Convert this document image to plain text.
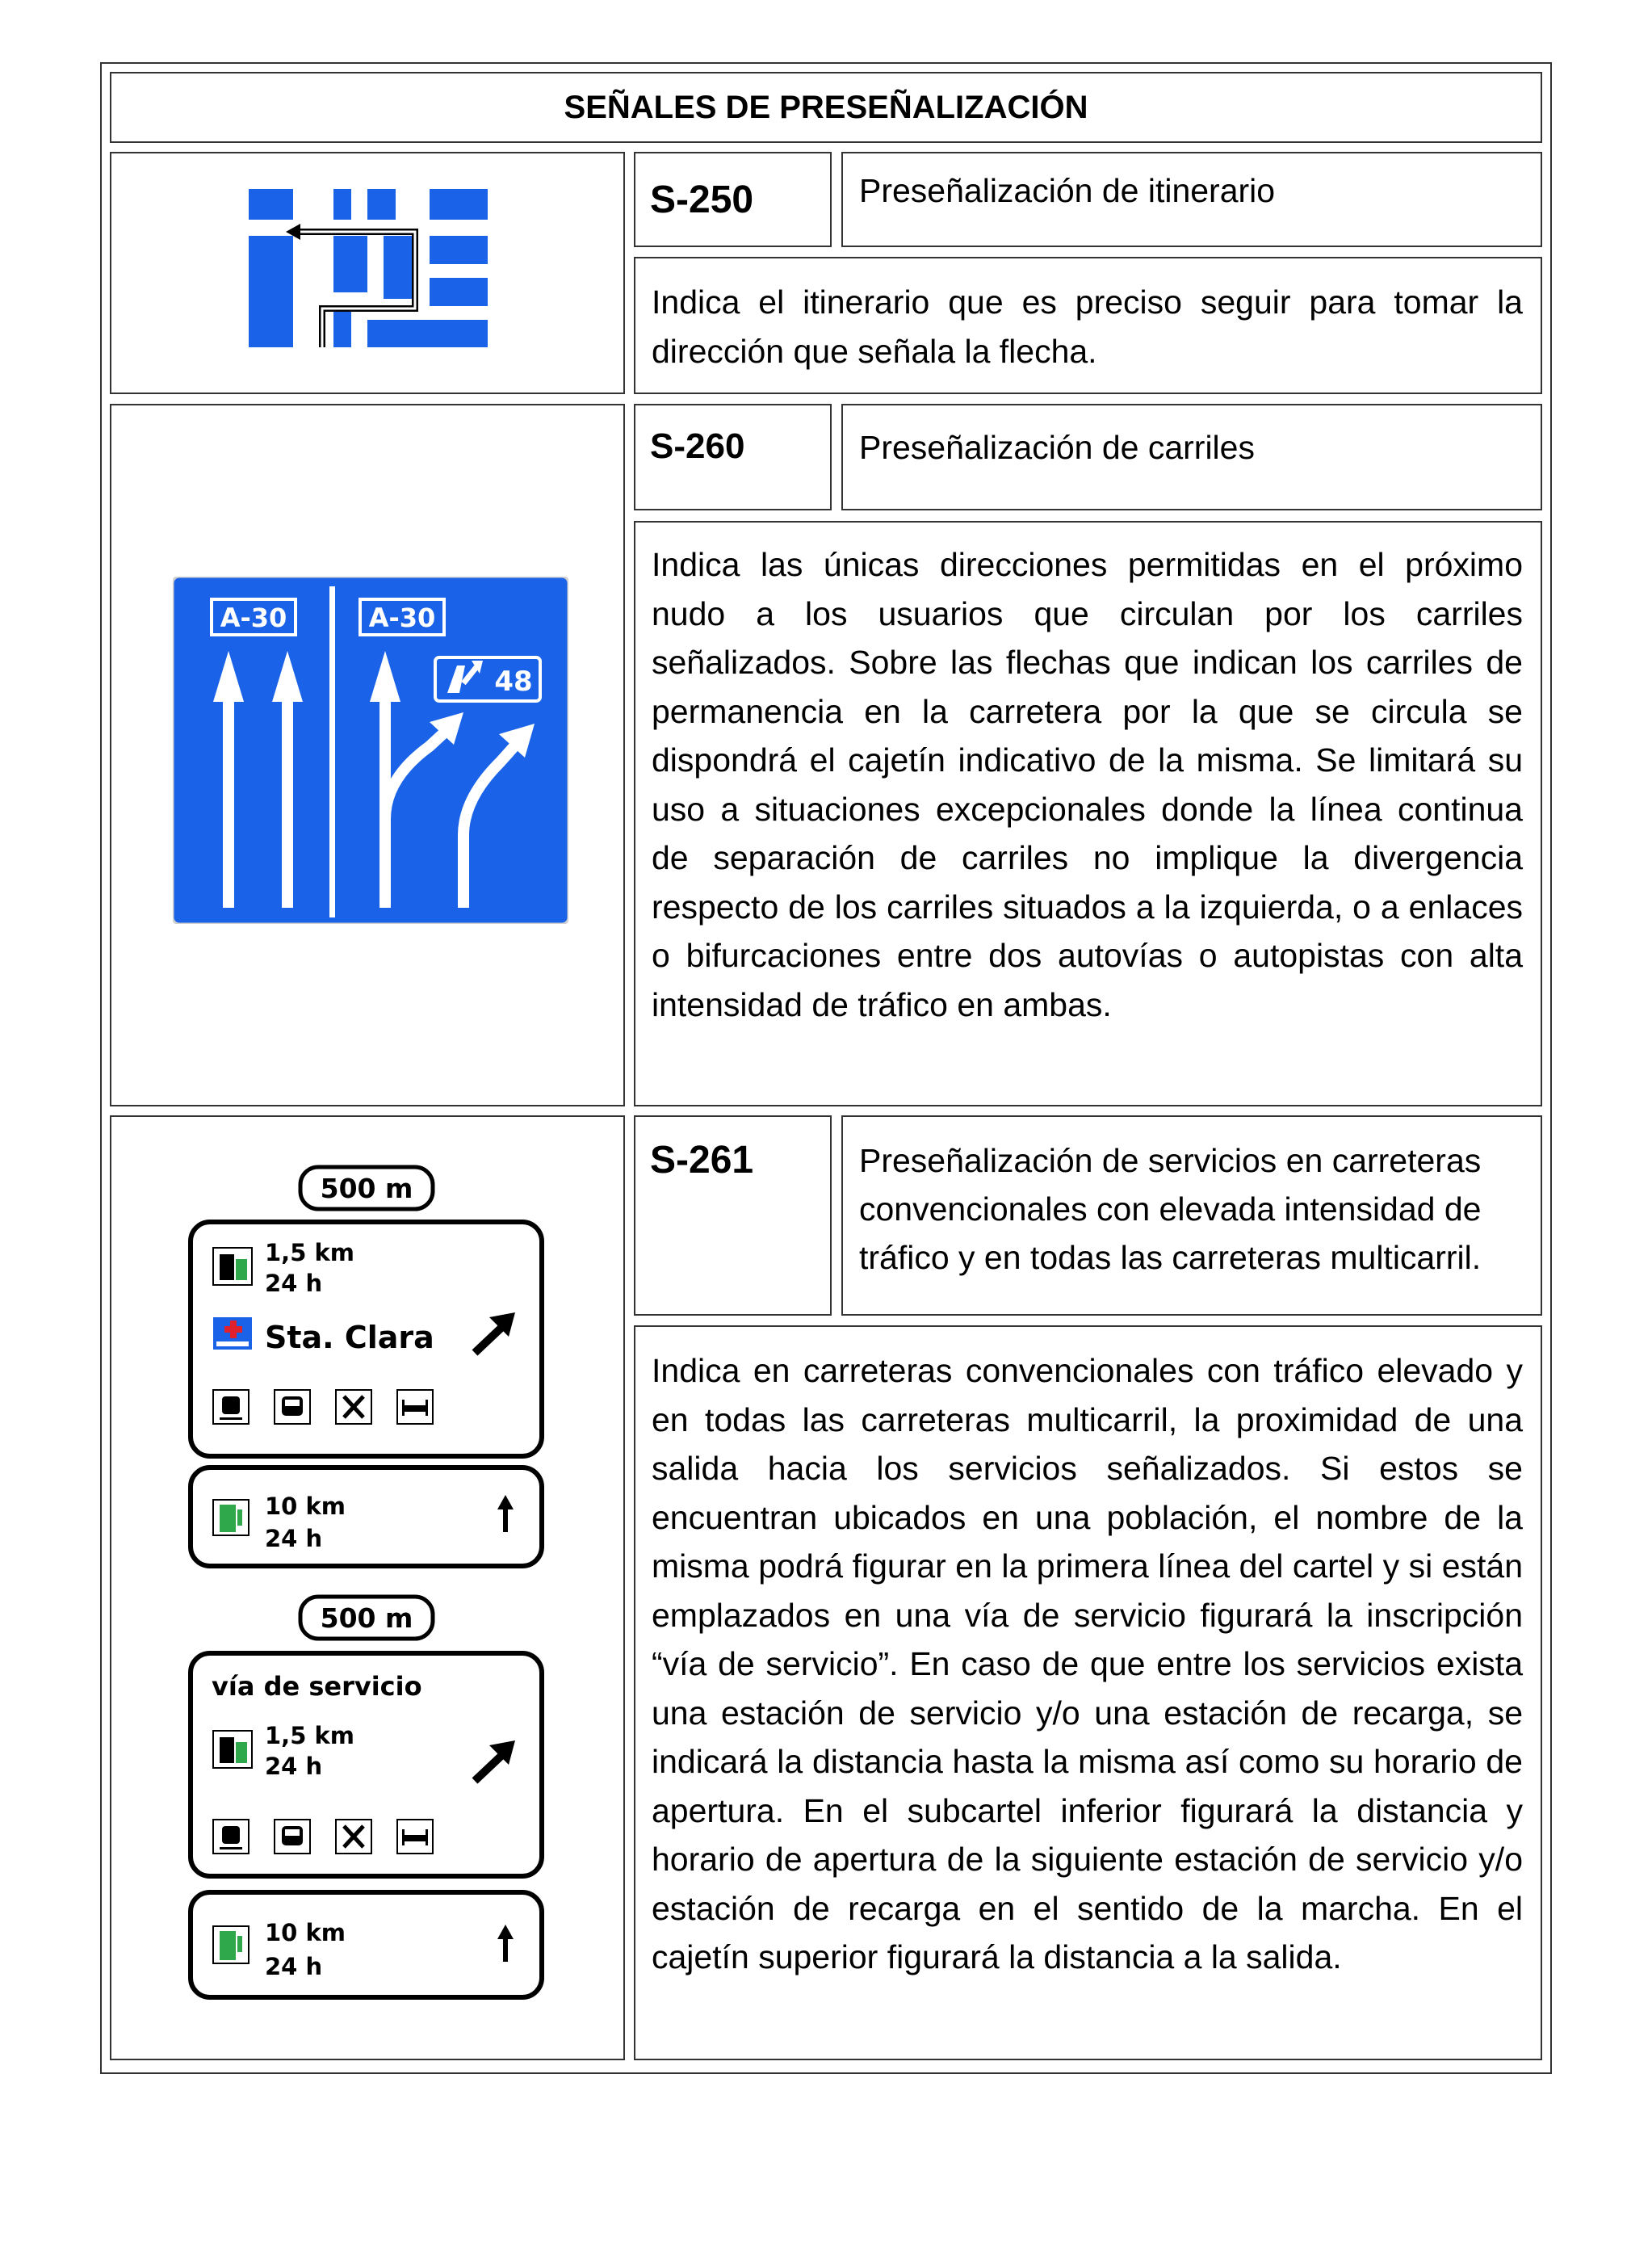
SEÑALES DE PRESEÑALIZACIÓN
S-250	Preseñalización de itinerario
Indica el itinerario que es preciso seguir para tomar la dirección que señala la flecha.
A-30	A-30
48
S-260	Preseñalización de carriles
Indica las únicas direcciones permitidas en el próximo nudo a los usuarios que circulan por los carriles señalizados. Sobre las flechas que indican los carriles de permanencia en la carretera por la que se circula se dispondrá el cajetín indicativo de la misma. Se limitará su uso a situaciones excepcionales donde la línea continua de separación de carriles no implique la divergencia respecto de los carriles situados a la izquierda, o a enlaces o bifurcaciones entre dos autovías o autopistas con alta intensidad de tráfico en ambas.
500 m
1,5 km
24 h
Sta. Clara
10 km
24 h
500 m
vía de servicio
1,5 km
24 h
10 km
24 h
S-261	Preseñalización de servicios en carreteras convencionales con elevada intensidad de tráfico y en todas las carreteras multicarril.
Indica en carreteras convencionales con tráfico elevado y en todas las carreteras multicarril, la proximidad de una salida hacia los servicios señalizados. Si estos se encuentran ubicados en una población, el nombre de la misma podrá figurar en la primera línea del cartel y si están emplazados en una vía de servicio figurará la inscripción “vía de servicio”. En caso de que entre los servicios exista una estación de servicio y/o una estación de recarga, se indicará la distancia hasta la misma así como su horario de apertura. En el subcartel inferior figurará la distancia y horario de apertura de la siguiente estación de servicio y/o estación de recarga en el sentido de la marcha. En el cajetín superior figurará la distancia a la salida.
